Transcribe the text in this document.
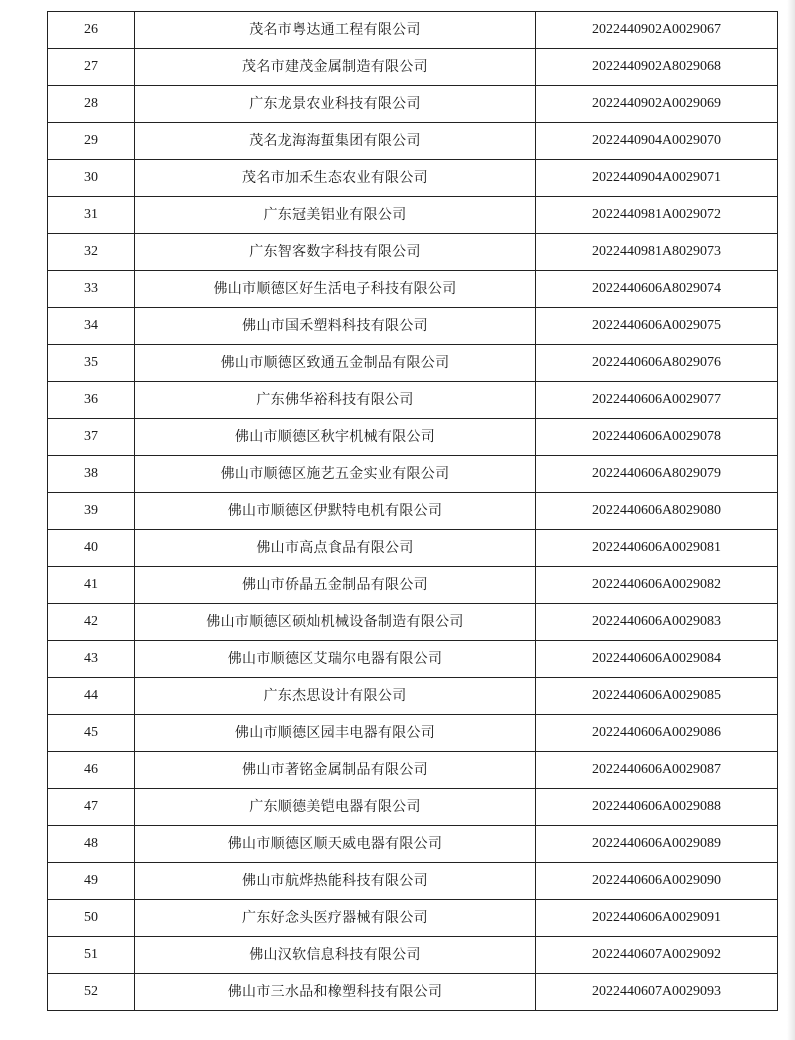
26	茂名市粤达通工程有限公司	2022440902A0029067
27	茂名市建茂金属制造有限公司	2022440902A8029068
28	广东龙景农业科技有限公司	2022440902A0029069
29	茂名龙海海蜇集团有限公司	2022440904A0029070
30	茂名市加禾生态农业有限公司	2022440904A0029071
31	广东冠美铝业有限公司	2022440981A0029072
32	广东智客数字科技有限公司	2022440981A8029073
33	佛山市顺德区好生活电子科技有限公司	2022440606A8029074
34	佛山市国禾塑料科技有限公司	2022440606A0029075
35	佛山市顺德区致通五金制品有限公司	2022440606A8029076
36	广东佛华裕科技有限公司	2022440606A0029077
37	佛山市顺德区秋宇机械有限公司	2022440606A0029078
38	佛山市顺德区施艺五金实业有限公司	2022440606A8029079
39	佛山市顺德区伊默特电机有限公司	2022440606A8029080
40	佛山市高点食品有限公司	2022440606A0029081
41	佛山市侨晶五金制品有限公司	2022440606A0029082
42	佛山市顺德区硕灿机械设备制造有限公司	2022440606A0029083
43	佛山市顺德区艾瑞尔电器有限公司	2022440606A0029084
44	广东杰思设计有限公司	2022440606A0029085
45	佛山市顺德区园丰电器有限公司	2022440606A0029086
46	佛山市著铭金属制品有限公司	2022440606A0029087
47	广东顺德美铠电器有限公司	2022440606A0029088
48	佛山市顺德区顺天威电器有限公司	2022440606A0029089
49	佛山市航烨热能科技有限公司	2022440606A0029090
50	广东好念头医疗器械有限公司	2022440606A0029091
51	佛山汉软信息科技有限公司	2022440607A0029092
52	佛山市三水品和橡塑科技有限公司	2022440607A0029093
